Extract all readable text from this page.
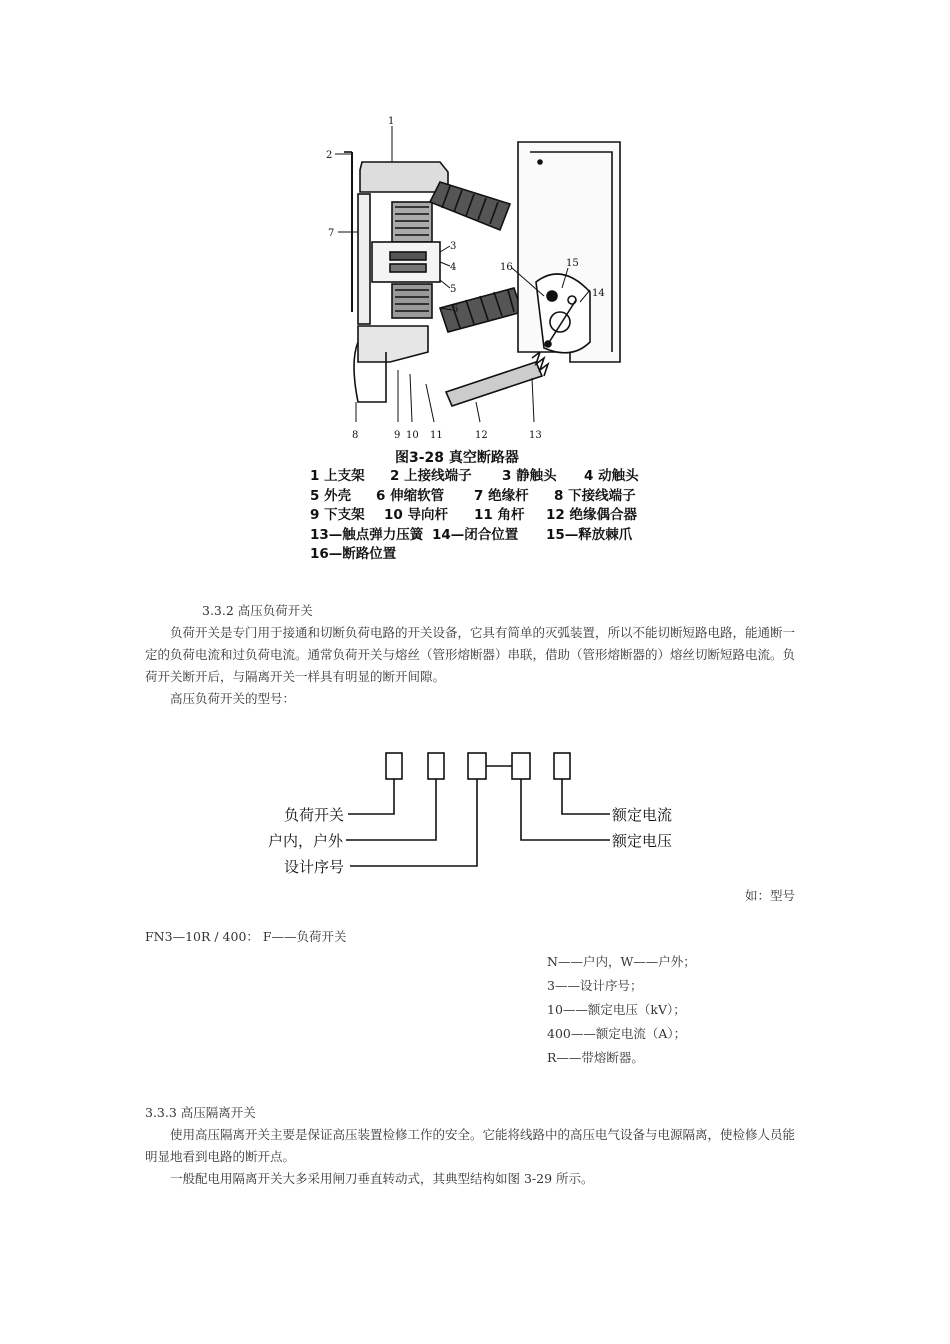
1
2
3
4
5
6
7
8	9 10 11	12	13
14
15
16
图3-28 真空断路器
1 上支架 2 上接线端子 3 静触头 4 动触头
5 外壳 6 伸缩软管 7 绝缘杆 8 下接线端子
9 下支架 10 导向杆 11 角杆 12 绝缘偶合器
13—触点弹力压簧 14—闭合位置 15—释放棘爪
16—断路位置
3.3.2 高压负荷开关

负荷开关是专门用于接通和切断负荷电路的开关设备，它具有简单的灭弧装置，所以不能切断短路电路，能通断一定的负荷电流和过负荷电流。通常负荷开关与熔丝（管形熔断器）串联，借助（管形熔断器的）熔丝切断短路电流。负荷开关断开后，与隔离开关一样具有明显的断开间隙。

高压负荷开关的型号：

负荷开关
户内，户外
设计序号
额定电流
额定电压
如：型号
FN3—10R / 400： F——负荷开关
N——户内，W——户外；
3——设计序号；
10——额定电压（kV）；
400——额定电流（A）；
R——带熔断器。
3.3.3 高压隔离开关

使用高压隔离开关主要是保证高压装置检修工作的安全。它能将线路中的高压电气设备与电源隔离，使检修人员能明显地看到电路的断开点。

一般配电用隔离开关大多采用闸刀垂直转动式，其典型结构如图 3-29 所示。
